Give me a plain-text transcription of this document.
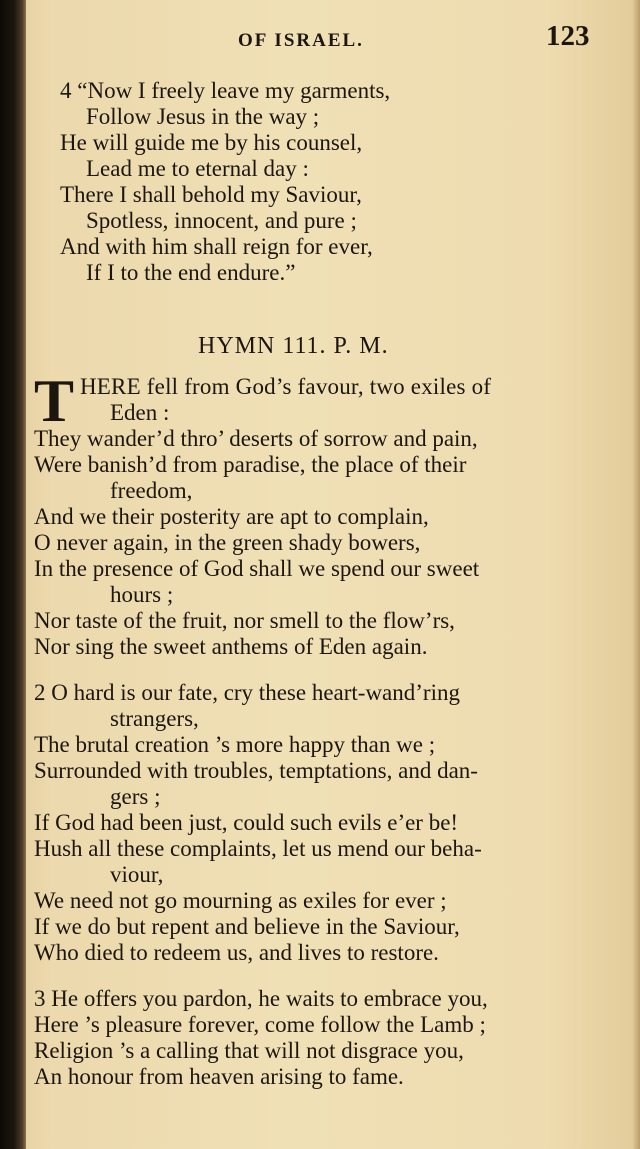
OF ISRAEL.	123
4 “Now I freely leave my garments,
Follow Jesus in the way ;
He will guide me by his counsel,
Lead me to eternal day :
There I shall behold my Saviour,
Spotless, innocent, and pure ;
And with him shall reign for ever,
If I to the end endure.”
HYMN 111. P. M.
T HERE fell from God’s favour, two exiles of
Eden :
They wander’d thro’ deserts of sorrow and pain,
Were banish’d from paradise, the place of their
freedom,
And we their posterity are apt to complain,
O never again, in the green shady bowers,
In the presence of God shall we spend our sweet
hours ;
Nor taste of the fruit, nor smell to the flow’rs,
Nor sing the sweet anthems of Eden again.
2 O hard is our fate, cry these heart-wand’ring
strangers,
The brutal creation ’s more happy than we ;
Surrounded with troubles, temptations, and dan-
gers ;
If God had been just, could such evils e’er be!
Hush all these complaints, let us mend our beha-
viour,
We need not go mourning as exiles for ever ;
If we do but repent and believe in the Saviour,
Who died to redeem us, and lives to restore.
3 He offers you pardon, he waits to embrace you,
Here ’s pleasure forever, come follow the Lamb ;
Religion ’s a calling that will not disgrace you,
An honour from heaven arising to fame.
